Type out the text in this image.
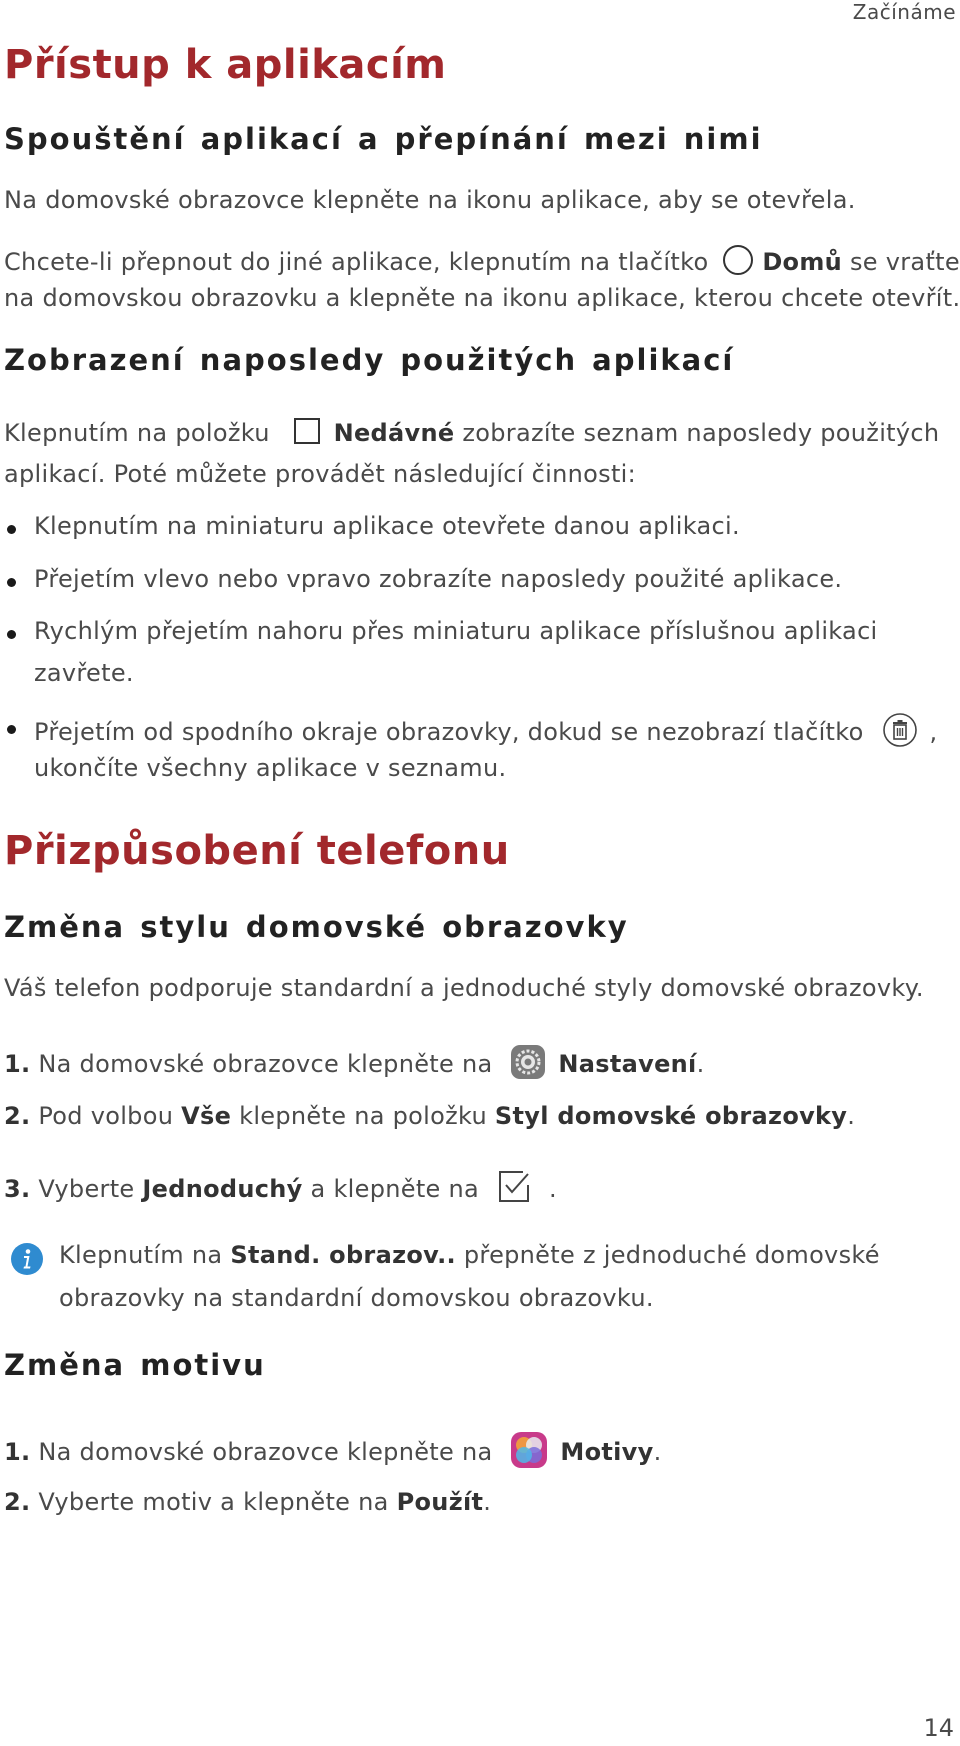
Začínáme
Přístup k aplikacím
Spouštění aplikací a přepínání mezi nimi
Na domovské obrazovce klepněte na ikonu aplikace, aby se otevřela.
Chcete-li přepnout do jiné aplikace, klepnutím na tlačítko Domů se vraťte
na domovskou obrazovku a klepněte na ikonu aplikace, kterou chcete otevřít.
Zobrazení naposledy použitých aplikací
Klepnutím na položku	Nedávné zobrazíte seznam naposledy použitých
aplikací. Poté můžete provádět následující činnosti:
Klepnutím na miniaturu aplikace otevřete danou aplikaci.
Přejetím vlevo nebo vpravo zobrazíte naposledy použité aplikace.
Rychlým přejetím nahoru přes miniaturu aplikace příslušnou aplikaci
zavřete.
Přejetím od spodního okraje obrazovky, dokud se nezobrazí tlačítko	,
ukončíte všechny aplikace v seznamu.
Přizpůsobení telefonu
Změna stylu domovské obrazovky
Váš telefon podporuje standardní a jednoduché styly domovské obrazovky.
1. Na domovské obrazovce klepněte na	Nastavení.
2. Pod volbou Vše klepněte na položku Styl domovské obrazovky.
3. Vyberte Jednoduchý a klepněte na	.
Klepnutím na Stand. obrazov.. přepněte z jednoduché domovské
obrazovky na standardní domovskou obrazovku.
Změna motivu
1. Na domovské obrazovce klepněte na	Motivy.
2. Vyberte motiv a klepněte na Použít.
14
